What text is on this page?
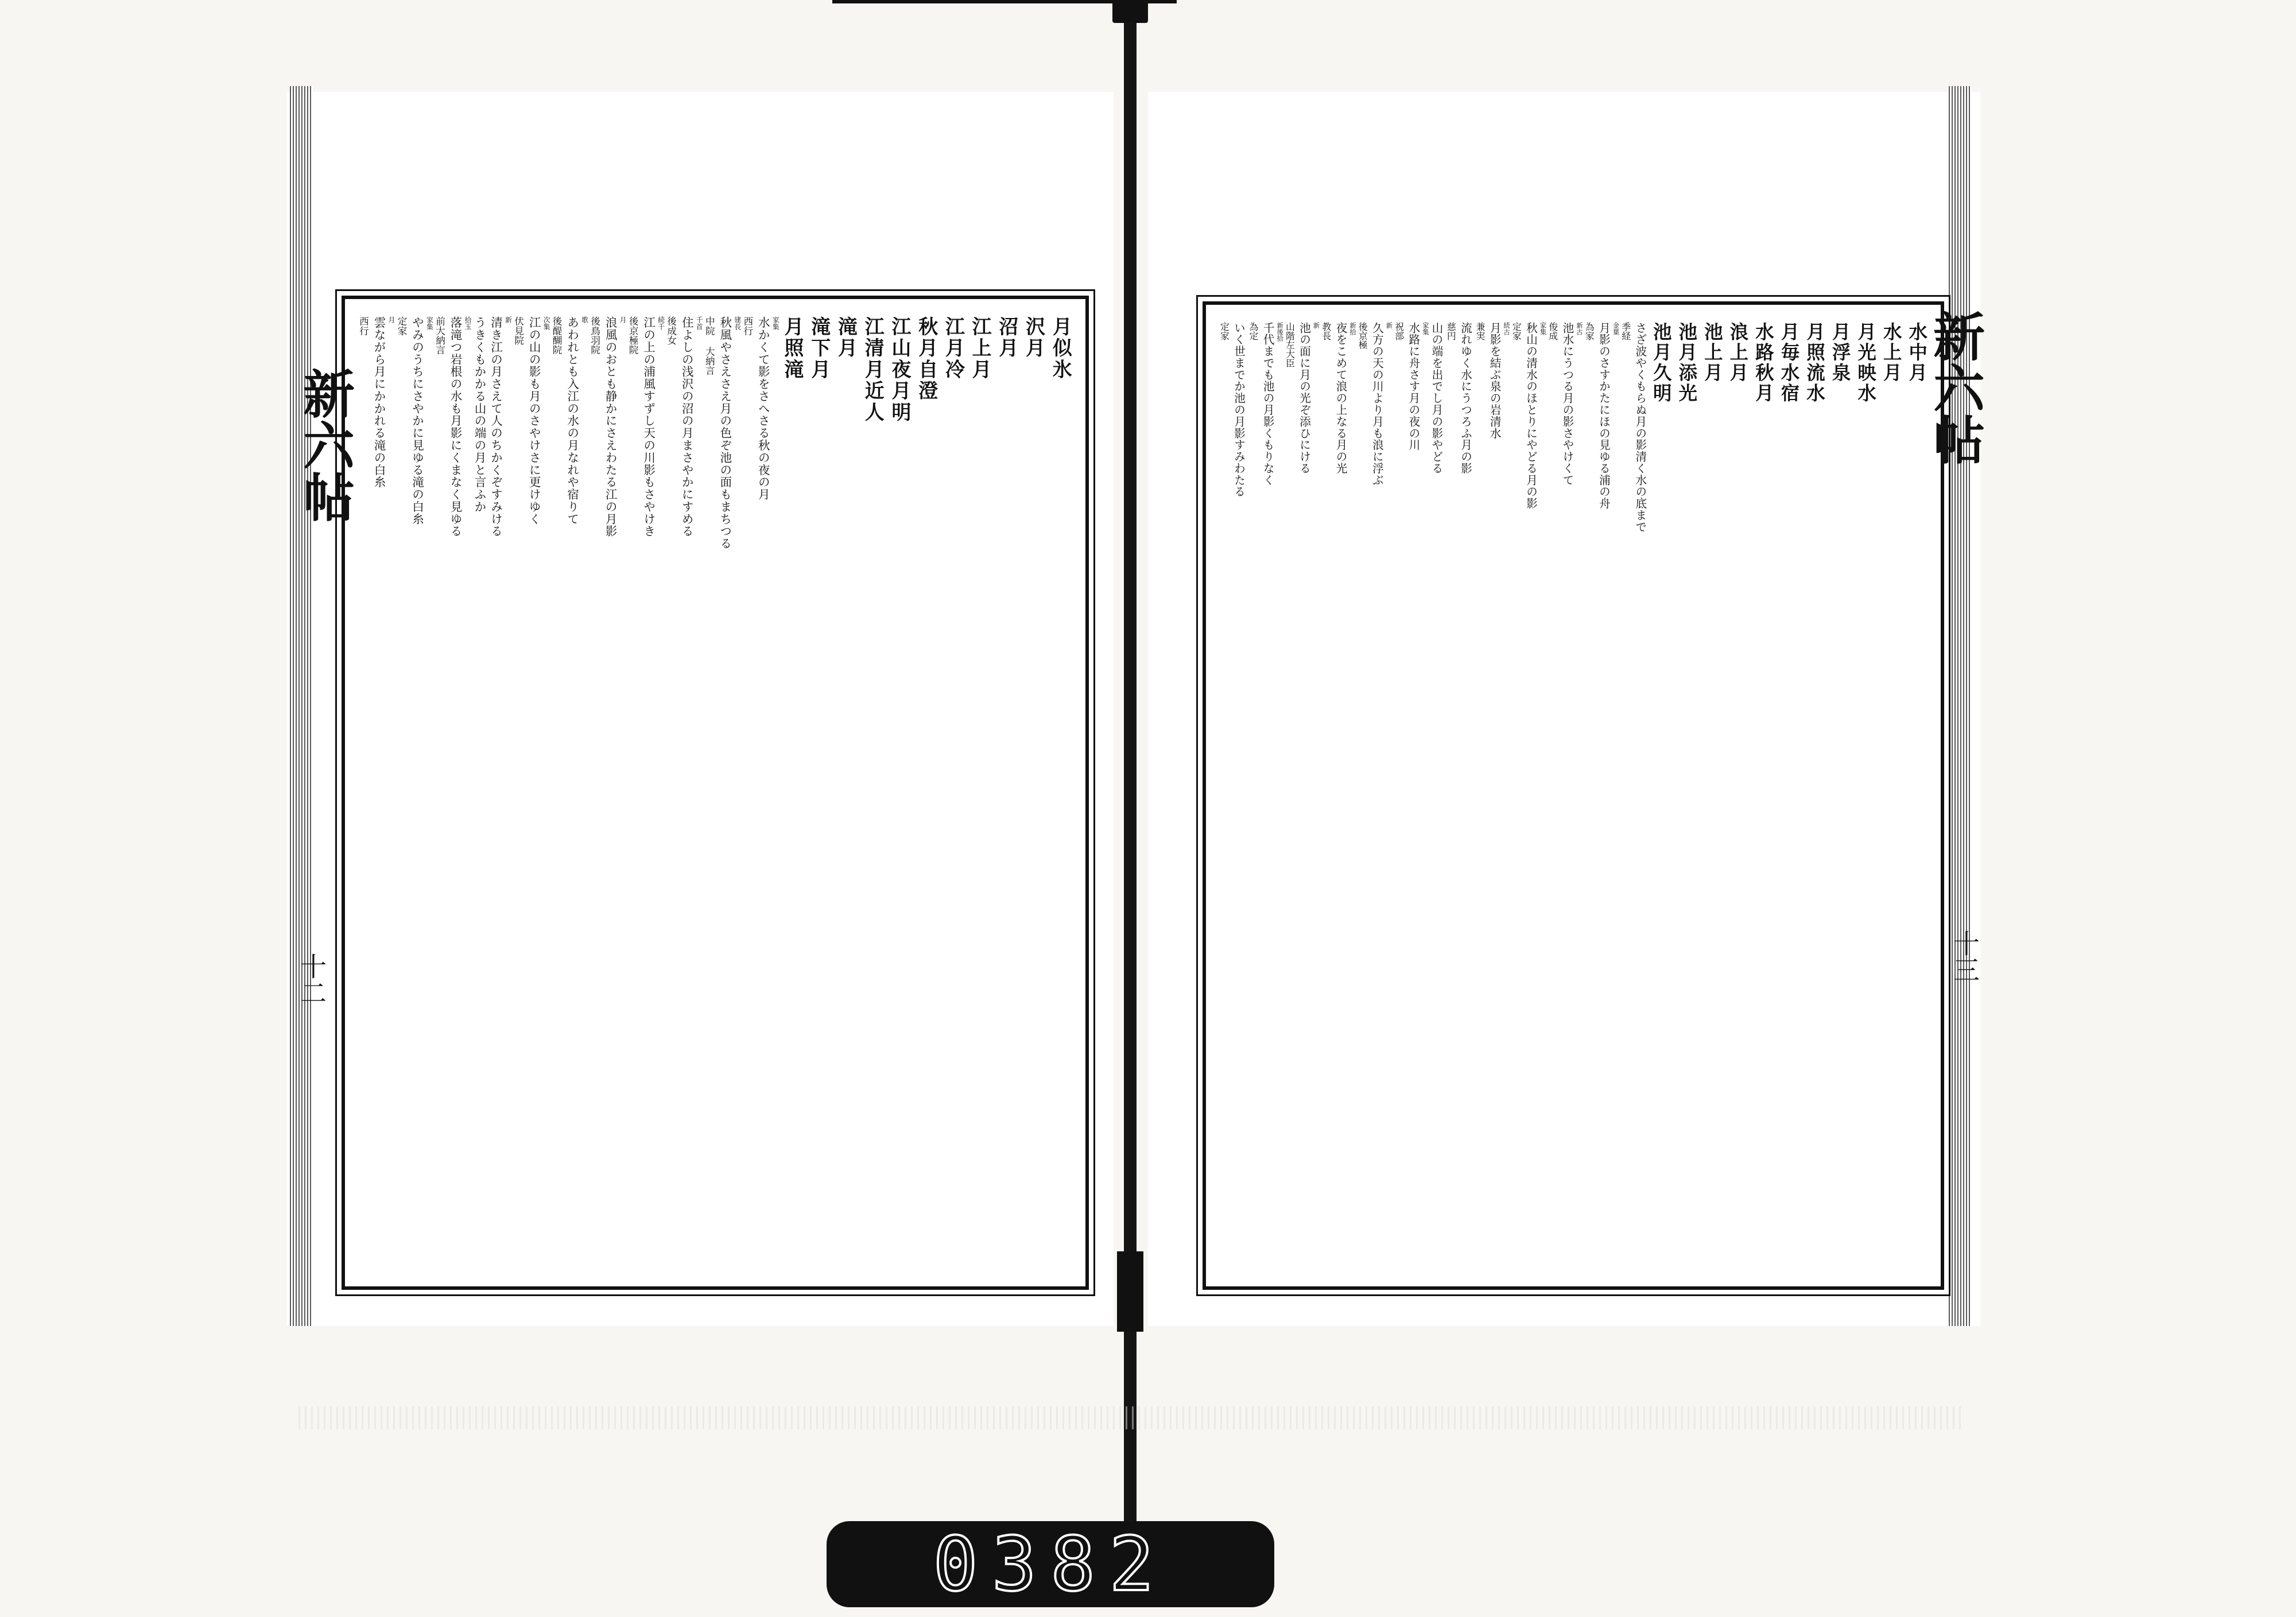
新六帖
十二
月似氷
沢月
沼月
江上月
江月冷
秋月自澄
江山夜月明
江清月近人
滝月
滝下月
月照滝
家集
水かくて影をさへさる秋の夜の月
西行
建長
秋風やさえさえ月の色ぞ池の面もまちつる
中院 大納言
千首
住よしの浅沢の沼の月まさやかにすめる
後成女
続千
江の上の浦風すずし天の川影もさやけき
後京極院
月
浪風のおとも静かにさえわたる江の月影
後鳥羽院
歌
あわれとも入江の水の月なれや宿りて
後醍醐院
次集
江の山の影も月のさやけさに更けゆく
伏見院
新
清き江の月さえて人のちかくぞすみける
うきくもかかる山の端の月と言ふか
拾玉
落滝つ岩根の水も月影にくまなく見ゆる
前大納言
家集
やみのうちにさやかに見ゆる滝の白糸
定家
月
雲ながら月にかかれる滝の白糸
西行	新六帖
十三
水中月
水上月
月光映水
月浮泉
月照流水
月毎水宿
水路秋月
浪上月
池上月
池月添光
池月久明
さざ波やくもらぬ月の影清く水の底まで
季経
金葉
月影のさすかたにほの見ゆる浦の舟
為家
新古
池水にうつる月の影さやけくて
俊成
家集
秋山の清水のほとりにやどる月の影
定家
続古
月影を結ぶ泉の岩清水
兼実
流れゆく水にうつろふ月の影
慈円
山の端を出でし月の影やどる
家集
水路に舟さす月の夜の川
祝部
新
久方の天の川より月も浪に浮ぶ
後京極
新拾
夜をこめて浪の上なる月の光
教長
新
池の面に月の光ぞ添ひにける
山階左大臣
新後拾
千代までも池の月影くもりなく
為定
いく世までか池の月影すみわたる
定家
0382
